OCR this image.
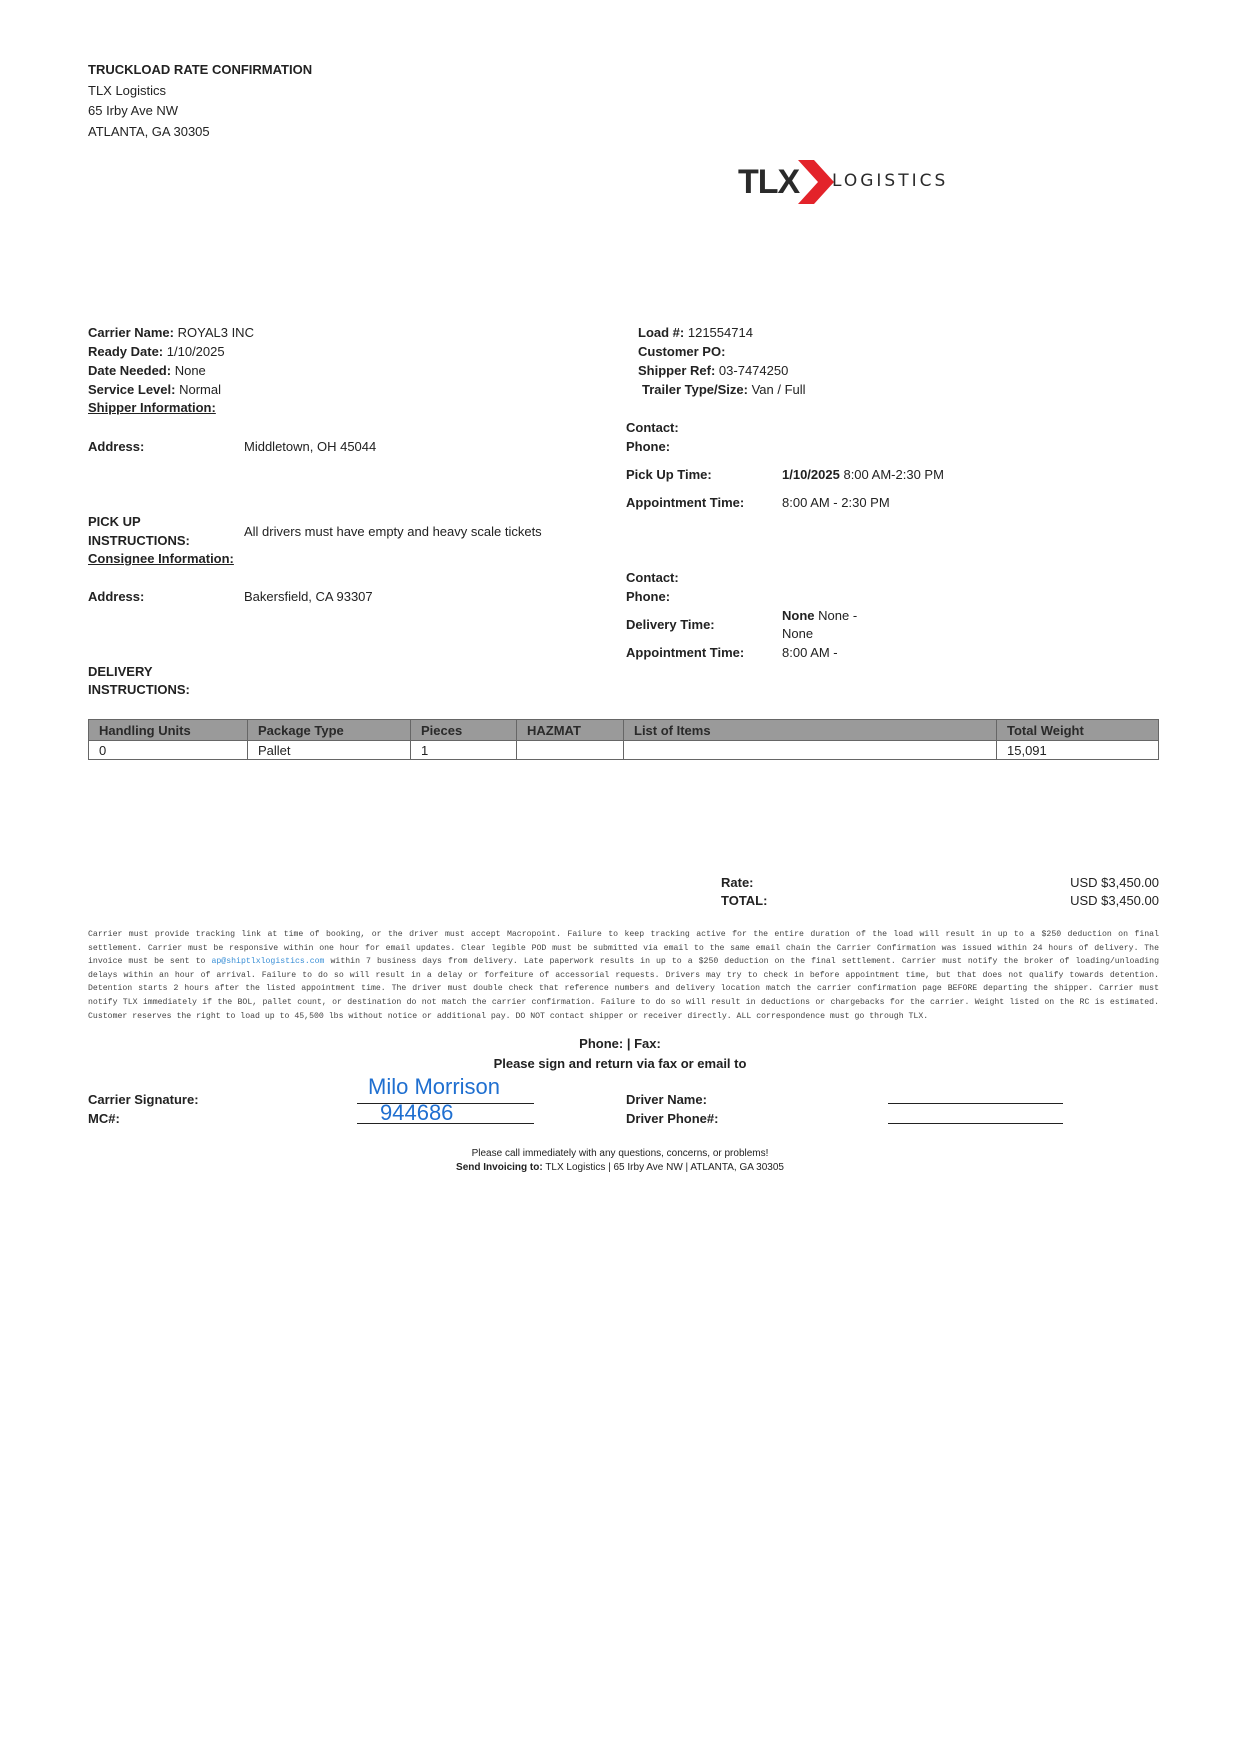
TRUCKLOAD RATE CONFIRMATION
TLX Logistics
65 Irby Ave NW
ATLANTA, GA 30305
TLX LOGISTICS
Carrier Name: ROYAL3 INC
Ready Date: 1/10/2025
Date Needed: None
Service Level: Normal
Shipper Information:
Load #: 121554714
Customer PO:
Shipper Ref: 03-7474250
Trailer Type/Size: Van / Full
Contact:
Address:	Middletown, OH 45044	Phone:
Pick Up Time:	1/10/2025 8:00 AM-2:30 PM
Appointment Time:	8:00 AM - 2:30 PM
PICK UP
INSTRUCTIONS:
All drivers must have empty and heavy scale tickets
Consignee Information:
Contact:
Address:	Bakersfield, CA 93307	Phone:
Delivery Time:
None None -
None
Appointment Time:	8:00 AM -
DELIVERY
INSTRUCTIONS:
Handling Units	Package Type	Pieces	HAZMAT	List of Items	Total Weight
0	Pallet	1			15,091
Rate:	USD $3,450.00
TOTAL:	USD $3,450.00
Carrier must provide tracking link at time of booking, or the driver must accept Macropoint. Failure to keep tracking active for the entire duration of the load will result in up to a $250 deduction on final settlement. Carrier must be responsive within one hour for email updates. Clear legible POD must be submitted via email to the same email chain the Carrier Confirmation was issued within 24 hours of delivery. The invoice must be sent to ap@shiptlxlogistics.com within 7 business days from delivery. Late paperwork results in up to a $250 deduction on the final settlement. Carrier must notify the broker of loading/unloading delays within an hour of arrival. Failure to do so will result in a delay or forfeiture of accessorial requests. Drivers may try to check in before appointment time, but that does not qualify towards detention. Detention starts 2 hours after the listed appointment time. The driver must double check that reference numbers and delivery location match the carrier confirmation page BEFORE departing the shipper. Carrier must notify TLX immediately if the BOL, pallet count, or destination do not match the carrier confirmation. Failure to do so will result in deductions or chargebacks for the carrier. Weight listed on the RC is estimated. Customer reserves the right to load up to 45,500 lbs without notice or additional pay. DO NOT contact shipper or receiver directly. ALL correspondence must go through TLX.
Phone: | Fax:
Please sign and return via fax or email to
Carrier Signature:
Milo Morrison
MC#:	944686
Driver Name:
Driver Phone#:
Please call immediately with any questions, concerns, or problems!
Send Invoicing to: TLX Logistics | 65 Irby Ave NW | ATLANTA, GA 30305
